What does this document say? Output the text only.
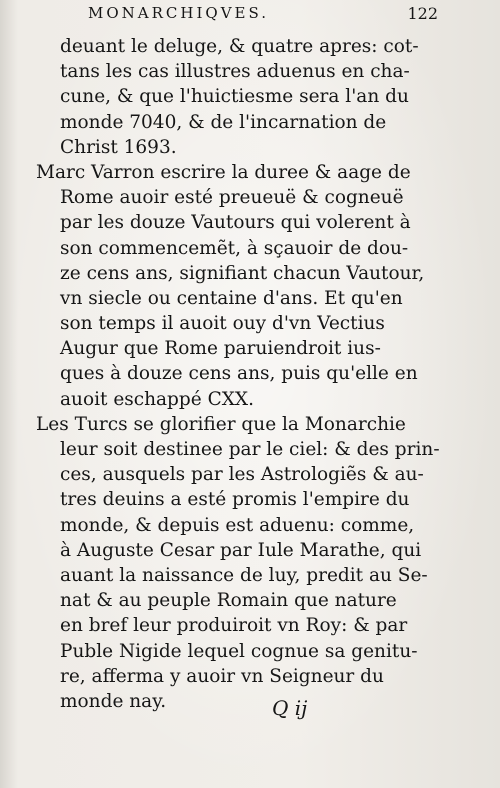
MONARCHIQVES.	122
deuant le deluge, & quatre apres: cot-
tans les cas illustres aduenus en cha-
cune, & que l'huictiesme sera l'an du
monde 7040, & de l'incarnation de
Christ 1693.
Marc Varron escrire la duree & aage de
Rome auoir esté preueuë & cogneuë
par les douze Vautours qui volerent à
son commencemẽt, à sçauoir de dou-
ze cens ans, signifiant chacun Vautour,
vn siecle ou centaine d'ans. Et qu'en
son temps il auoit ouy d'vn Vectius
Augur que Rome paruiendroit ius-
ques à douze cens ans, puis qu'elle en
auoit eschappé CXX.
Les Turcs se glorifier que la Monarchie
leur soit destinee par le ciel: & des prin-
ces, ausquels par les Astrologiẽs & au-
tres deuins a esté promis l'empire du
monde, & depuis est aduenu: comme,
à Auguste Cesar par Iule Marathe, qui
auant la naissance de luy, predit au Se-
nat & au peuple Romain que nature
en bref leur produiroit vn Roy: & par
Puble Nigide lequel cognue sa genitu-
re, afferma y auoir vn Seigneur du
monde nay.	Q ij
